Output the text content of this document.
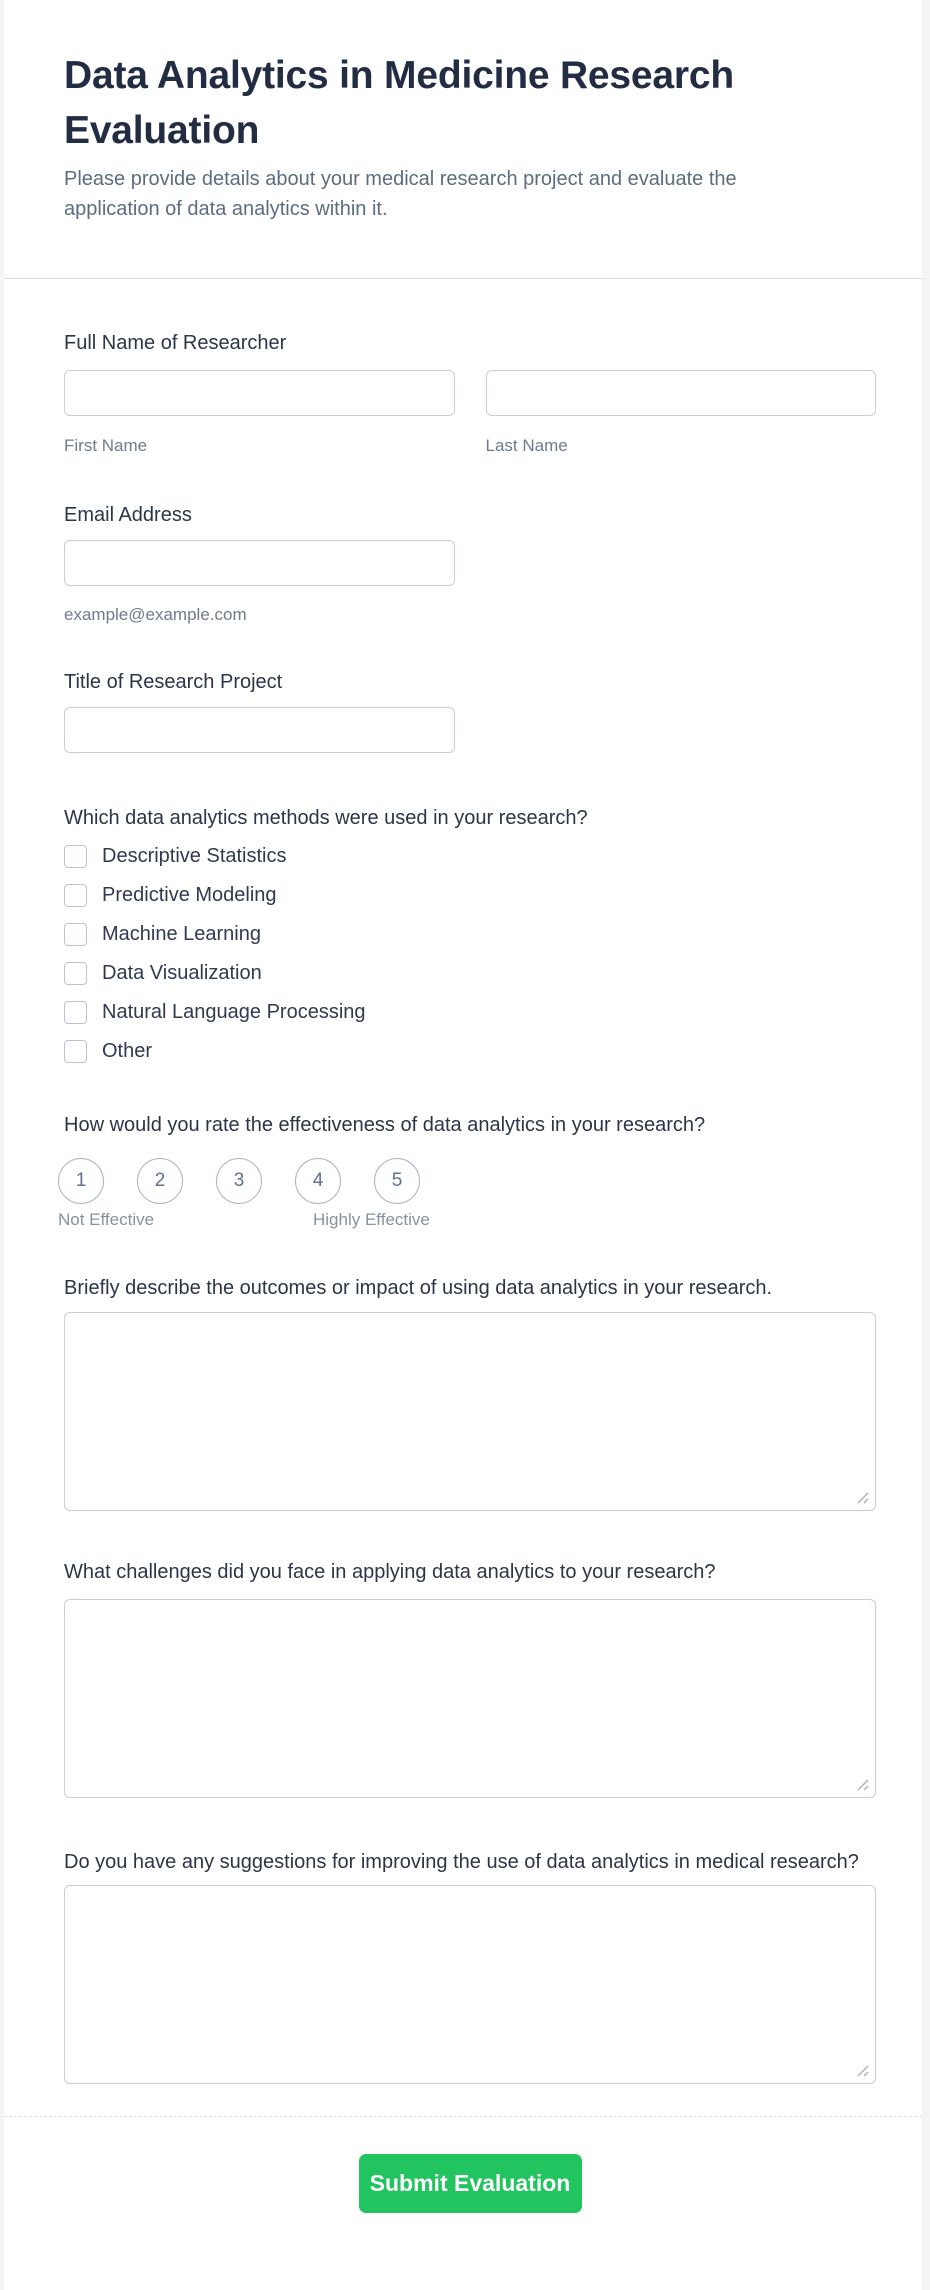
Data Analytics in Medicine Research Evaluation

Please provide details about your medical research project and evaluate the application of data analytics within it.

Full Name of Researcher
First Name	Last Name
Email Address
example@example.com
Title of Research Project
Which data analytics methods were used in your research?
Descriptive Statistics
Predictive Modeling
Machine Learning
Data Visualization
Natural Language Processing
Other
How would you rate the effectiveness of data analytics in your research?
1	2	3	4	5
Not Effective	Highly Effective
Briefly describe the outcomes or impact of using data analytics in your research.
What challenges did you face in applying data analytics to your research?
Do you have any suggestions for improving the use of data analytics in medical research?
Submit Evaluation
